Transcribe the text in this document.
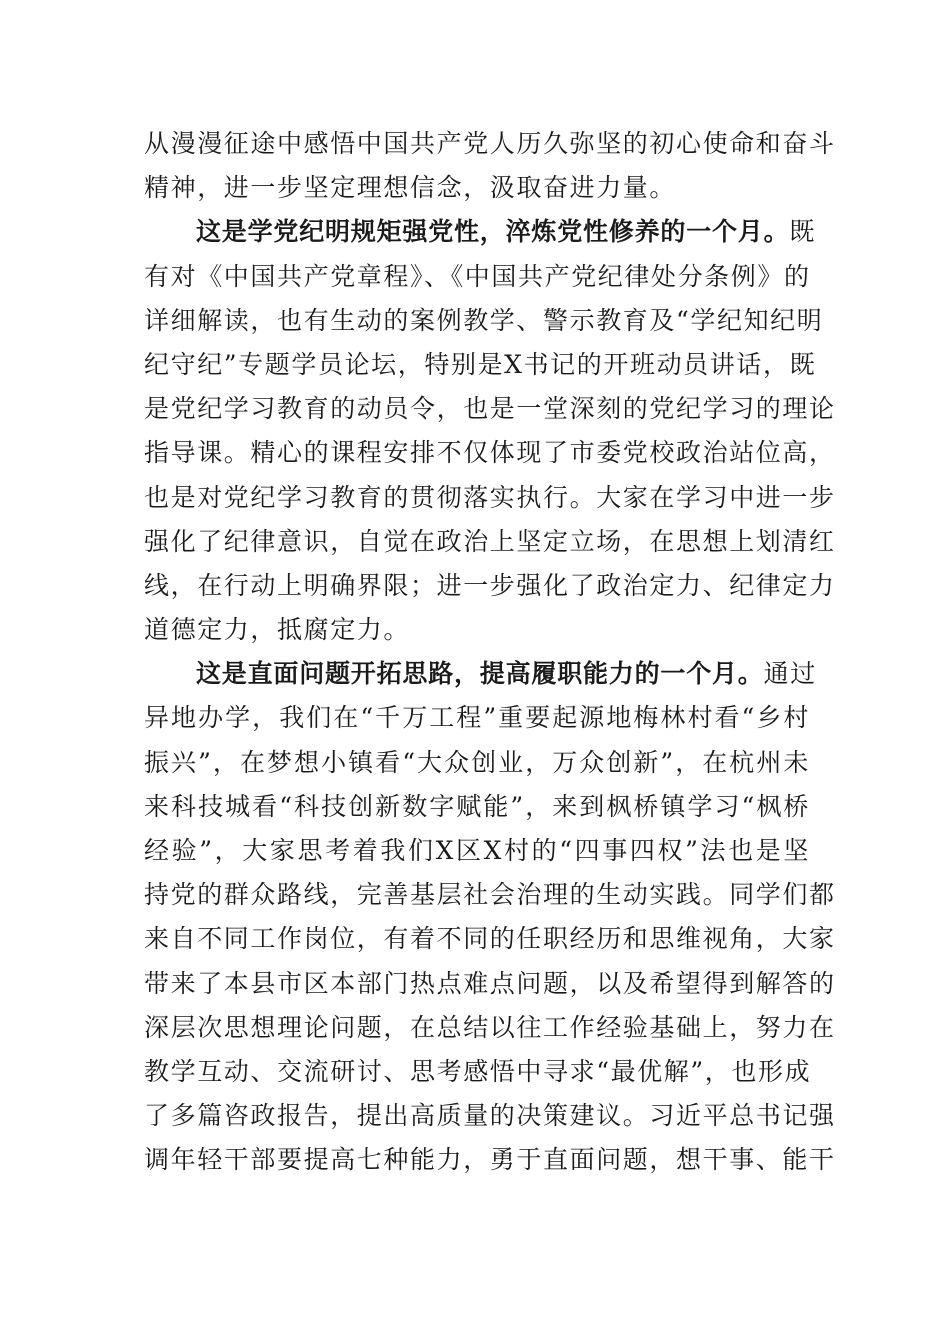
从漫漫征途中感悟中国共产党人历久弥坚的初心使命和奋斗
精神，进一步坚定理想信念，汲取奋进力量。
这是学党纪明规矩强党性，淬炼党性修养的一个月。既
有对《中国共产党章程》、《中国共产党纪律处分条例》的
详细解读，也有生动的案例教学、警示教育及“学纪知纪明
纪守纪”专题学员论坛，特别是X书记的开班动员讲话，既
是党纪学习教育的动员令，也是一堂深刻的党纪学习的理论
指导课。精心的课程安排不仅体现了市委党校政治站位高，
也是对党纪学习教育的贯彻落实执行。大家在学习中进一步
强化了纪律意识，自觉在政治上坚定立场，在思想上划清红
线，在行动上明确界限；进一步强化了政治定力、纪律定力
道德定力，抵腐定力。
这是直面问题开拓思路，提高履职能力的一个月。通过
异地办学，我们在“千万工程”重要起源地梅林村看“乡村
振兴”，在梦想小镇看“大众创业，万众创新”，在杭州未
来科技城看“科技创新数字赋能”，来到枫桥镇学习“枫桥
经验”，大家思考着我们X区X村的“四事四权”法也是坚
持党的群众路线，完善基层社会治理的生动实践。同学们都
来自不同工作岗位，有着不同的任职经历和思维视角，大家
带来了本县市区本部门热点难点问题，以及希望得到解答的
深层次思想理论问题，在总结以往工作经验基础上，努力在
教学互动、交流研讨、思考感悟中寻求“最优解”，也形成
了多篇咨政报告，提出高质量的决策建议。习近平总书记强
调年轻干部要提高七种能力，勇于直面问题，想干事、能干
